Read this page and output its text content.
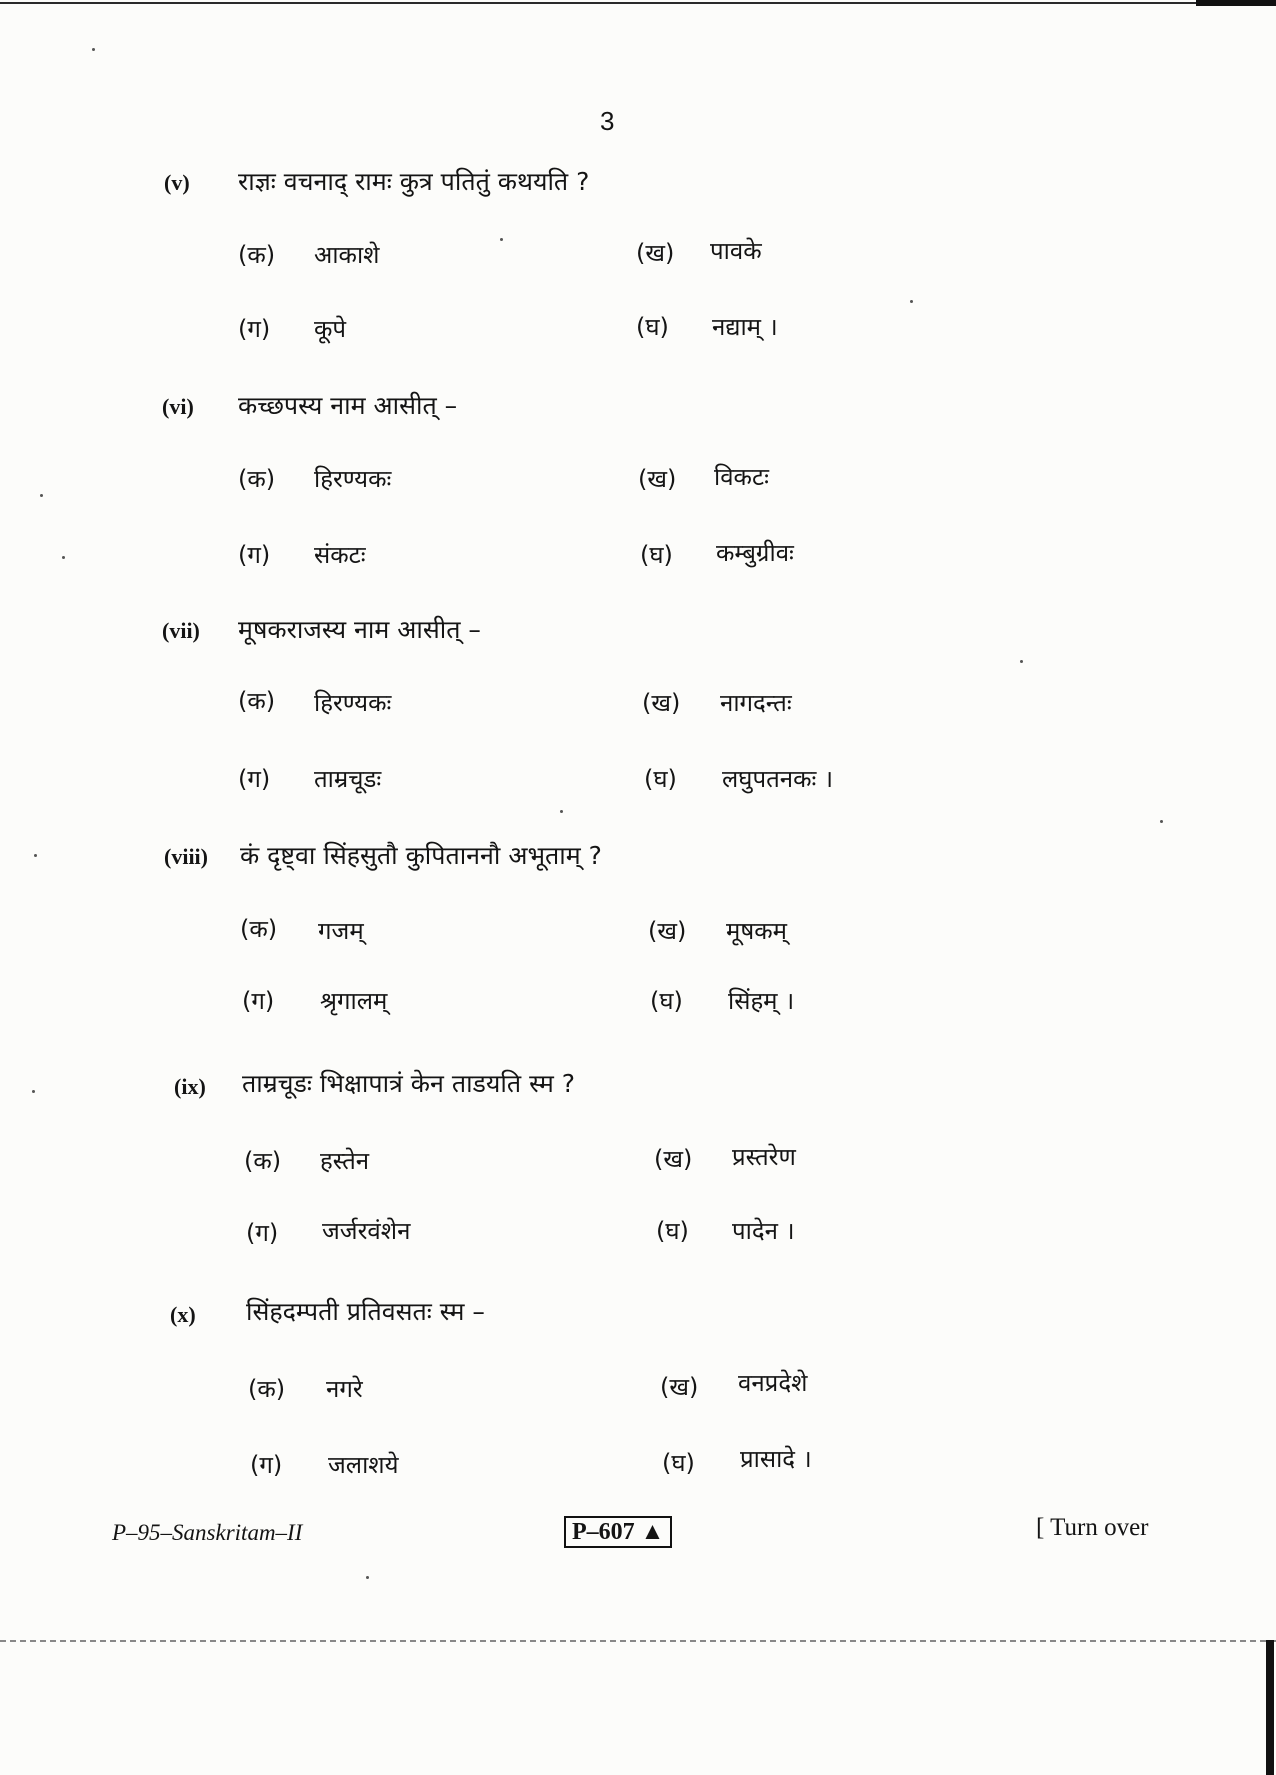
3
(v) राज्ञः वचनाद् रामः कुत्र पतितुं कथयति ?
(क) आकाशे	(ख) पावके
(ग) कूपे	(घ) नद्याम् ।
(vi) कच्छपस्य नाम आसीत् –
(क) हिरण्यकः	(ख) विकटः
(ग) संकटः	(घ) कम्बुग्रीवः
(vii) मूषकराजस्य नाम आसीत् –
(क) हिरण्यकः	(ख) नागदन्तः
(ग) ताम्रचूडः	(घ) लघुपतनकः ।
(viii) कं दृष्ट्वा सिंहसुतौ कुपिताननौ अभूताम् ?
(क) गजम्	(ख) मूषकम्
(ग) श्रृगालम्	(घ) सिंहम् ।
(ix) ताम्रचूडः भिक्षापात्रं केन ताडयति स्म ?
(क) हस्तेन	(ख) प्रस्तरेण
(ग) जर्जरवंशेन	(घ) पादेन ।
(x) सिंहदम्पती प्रतिवसतः स्म –
(क) नगरे	(ख) वनप्रदेशे
(ग) जलाशये	(घ) प्रासादे ।
P–95–Sanskritam–II	P–607 ▲	[ Turn over
